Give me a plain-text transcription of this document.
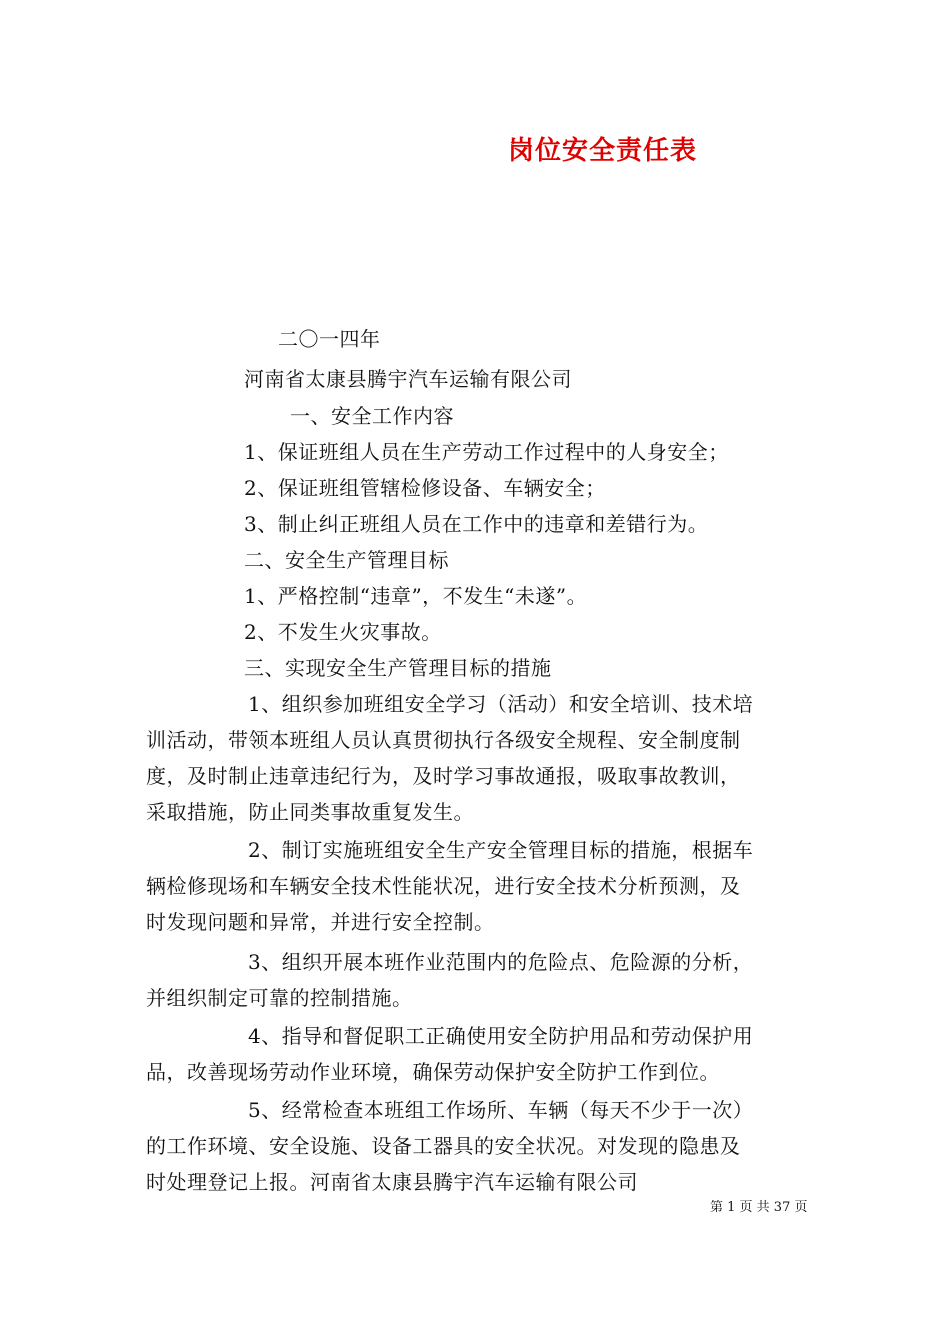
岗位安全责任表
二〇一四年
河南省太康县腾宇汽车运输有限公司
一、安全工作内容
1、保证班组人员在生产劳动工作过程中的人身安全；
2、保证班组管辖检修设备、车辆安全；
3、制止纠正班组人员在工作中的违章和差错行为。
二、安全生产管理目标
1、严格控制“违章”，不发生“未遂”。
2、不发生火灾事故。
三、实现安全生产管理目标的措施
1、组织参加班组安全学习（活动）和安全培训、技术培
训活动，带领本班组人员认真贯彻执行各级安全规程、安全制度制
度，及时制止违章违纪行为，及时学习事故通报，吸取事故教训，
采取措施，防止同类事故重复发生。
2、制订实施班组安全生产安全管理目标的措施，根据车
辆检修现场和车辆安全技术性能状况，进行安全技术分析预测，及
时发现问题和异常，并进行安全控制。
3、组织开展本班作业范围内的危险点、危险源的分析，
并组织制定可靠的控制措施。
4、指导和督促职工正确使用安全防护用品和劳动保护用
品，改善现场劳动作业环境，确保劳动保护安全防护工作到位。
5、经常检查本班组工作场所、车辆（每天不少于一次）
的工作环境、安全设施、设备工器具的安全状况。对发现的隐患及
时处理登记上报。河南省太康县腾宇汽车运输有限公司
第 1 页 共 37 页
